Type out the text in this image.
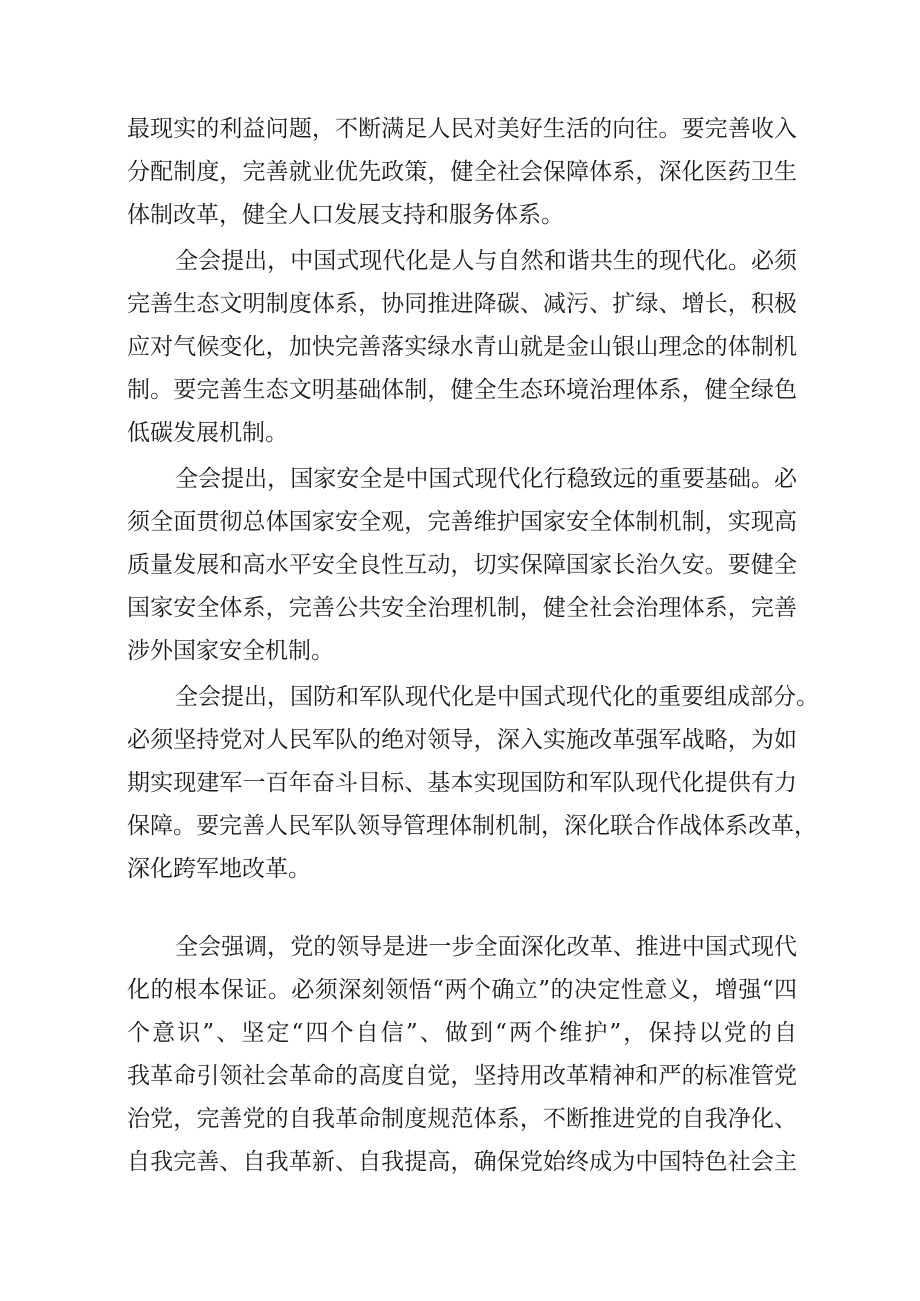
最现实的利益问题，不断满足人民对美好生活的向往。要完善收入
分配制度，完善就业优先政策，健全社会保障体系，深化医药卫生
体制改革，健全人口发展支持和服务体系。
全会提出，中国式现代化是人与自然和谐共生的现代化。必须
完善生态文明制度体系，协同推进降碳、减污、扩绿、增长，积极
应对气候变化，加快完善落实绿水青山就是金山银山理念的体制机
制。要完善生态文明基础体制，健全生态环境治理体系，健全绿色
低碳发展机制。
全会提出，国家安全是中国式现代化行稳致远的重要基础。必
须全面贯彻总体国家安全观，完善维护国家安全体制机制，实现高
质量发展和高水平安全良性互动，切实保障国家长治久安。要健全
国家安全体系，完善公共安全治理机制，健全社会治理体系，完善
涉外国家安全机制。
全会提出，国防和军队现代化是中国式现代化的重要组成部分。
必须坚持党对人民军队的绝对领导，深入实施改革强军战略，为如
期实现建军一百年奋斗目标、基本实现国防和军队现代化提供有力
保障。要完善人民军队领导管理体制机制，深化联合作战体系改革，
深化跨军地改革。
全会强调，党的领导是进一步全面深化改革、推进中国式现代
化的根本保证。必须深刻领悟“两个确立”的决定性意义，增强“四
个意识”、坚定“四个自信”、做到“两个维护”，保持以党的自
我革命引领社会革命的高度自觉，坚持用改革精神和严的标准管党
治党，完善党的自我革命制度规范体系，不断推进党的自我净化、
自我完善、自我革新、自我提高，确保党始终成为中国特色社会主
